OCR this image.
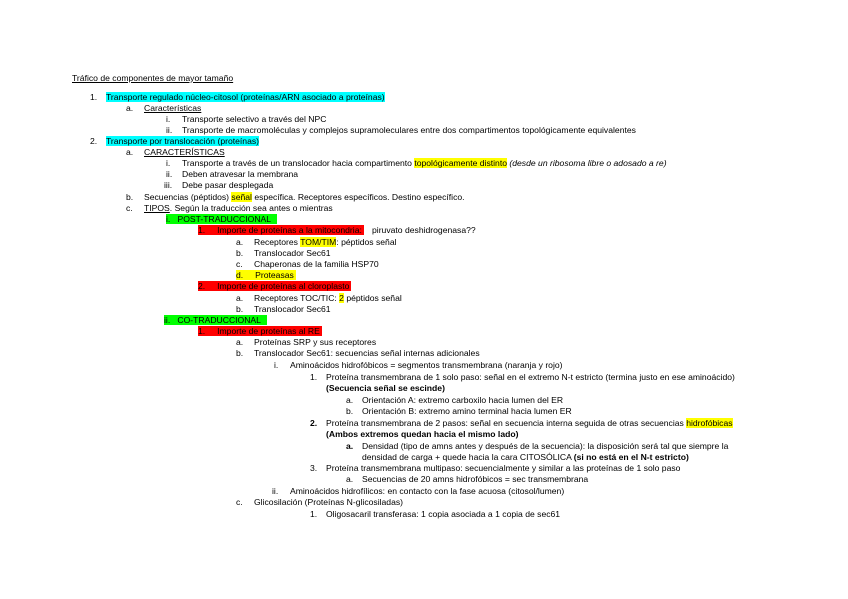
Tráfico de componentes de mayor tamaño
1. Transporte regulado núcleo-citosol (proteínas/ARN asociado a proteínas)
a. Características
i. Transporte selectivo a través del NPC
ii. Transporte de macromoléculas y complejos supramoleculares entre dos compartimentos topológicamente equivalentes
2. Transporte por translocación (proteínas)
a. CARACTERÍSTICAS
i. Transporte a través de un translocador hacia compartimento topológicamente distinto (desde un ribosoma libre o adosado a re)
ii. Deben atravesar la membrana
iii. Debe pasar desplegada
b. Secuencias (péptidos) señal específica. Receptores específicos. Destino específico.
c. TIPOS. Según la traducción sea antes o mientras
i. POST-TRADUCCIONAL
1. Importe de proteínas a la mitocondria: piruvato deshidrogenasa??
a. Receptores TOM/TIM: péptidos señal
b. Translocador Sec61
c. Chaperonas de la familia HSP70
d. Proteasas
2. Importe de proteínas al cloroplasto
a. Receptores TOC/TIC: 2 péptidos señal
b. Translocador Sec61
ii. CO-TRADUCCIONAL
1. Importe de proteínas al RE
a. Proteínas SRP y sus receptores
b. Translocador Sec61: secuencias señal internas adicionales
i. Aminoácidos hidrofóbicos = segmentos transmembrana (naranja y rojo)
1. Proteína transmembrana de 1 solo paso: señal en el extremo N-t estricto (termina justo en ese aminoácido)
(Secuencia señal se escinde)
a. Orientación A: extremo carboxilo hacia lumen del ER
b. Orientación B: extremo amino terminal hacia lumen ER
2. Proteína transmembrana de 2 pasos: señal en secuencia interna seguida de otras secuencias hidrofóbicas
(Ambos extremos quedan hacia el mismo lado)
a. Densidad (tipo de amns antes y después de la secuencia): la disposición será tal que siempre la
densidad de carga + quede hacia la cara CITOSÓLICA (si no está en el N-t estricto)
3. Proteína transmembrana multipaso: secuencialmente y similar a las proteínas de 1 solo paso
a. Secuencias de 20 amns hidrofóbicos = sec transmembrana
ii. Aminoácidos hidrofílicos: en contacto con la fase acuosa (citosol/lumen)
c. Glicosilación (Proteínas N-glicosiladas)
1. Oligosacaril transferasa: 1 copia asociada a 1 copia de sec61
